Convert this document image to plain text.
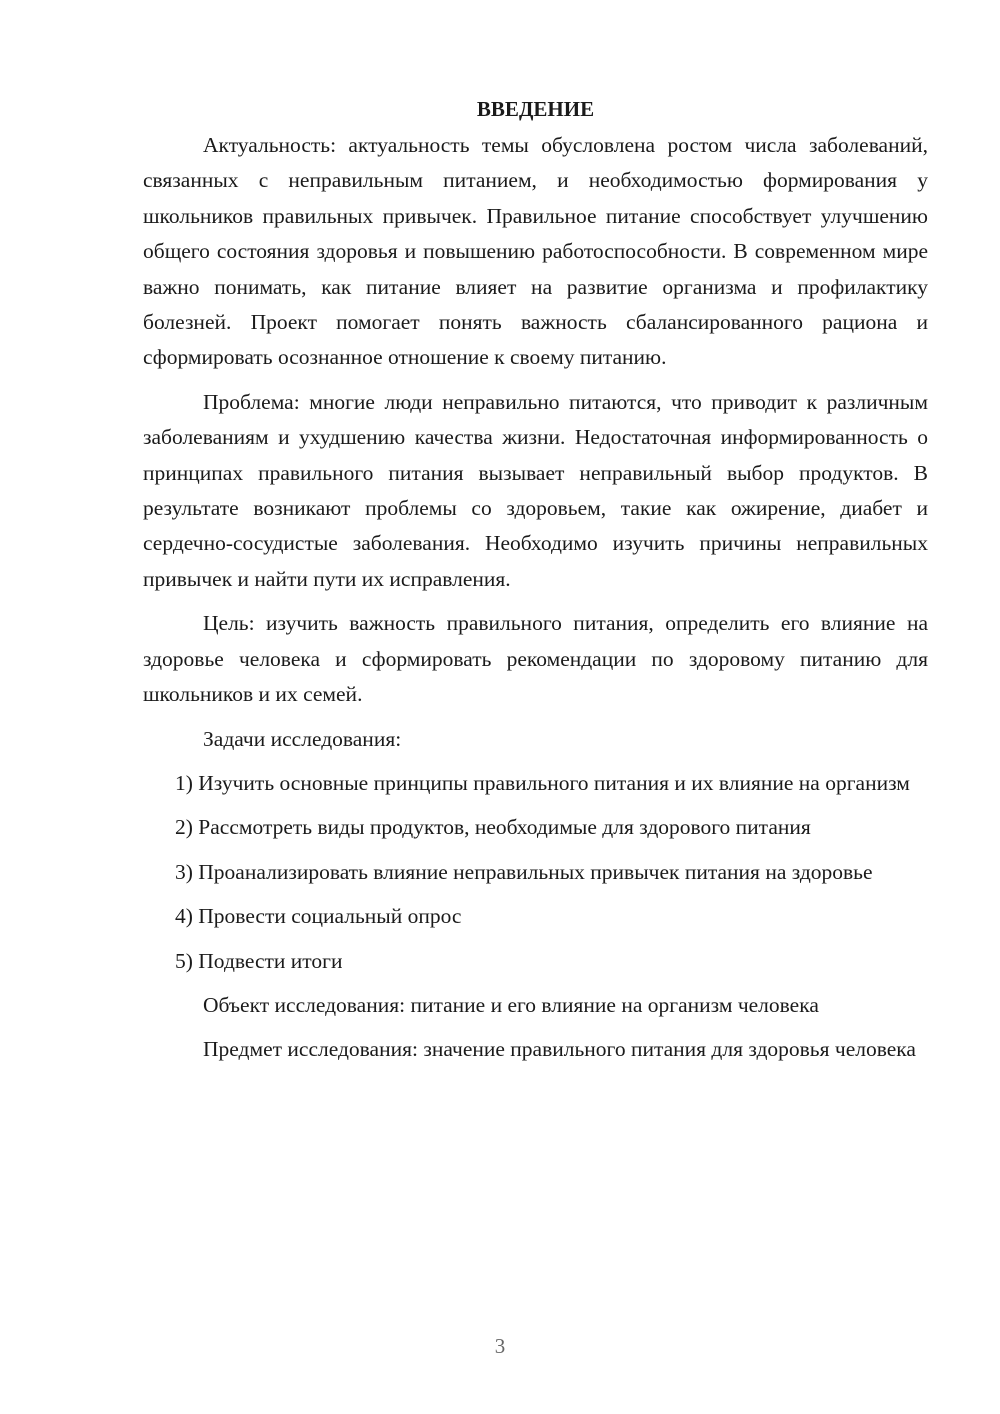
ВВЕДЕНИЕ

Актуальность: актуальность темы обусловлена ростом числа заболеваний, связанных с неправильным питанием, и необходимостью формирования у школьников правильных привычек. Правильное питание способствует улучшению общего состояния здоровья и повышению работоспособности. В современном мире важно понимать, как питание влияет на развитие организма и профилактику болезней. Проект помогает понять важность сбалансированного рациона и сформировать осознанное отношение к своему питанию.

Проблема: многие люди неправильно питаются, что приводит к различным заболеваниям и ухудшению качества жизни. Недостаточная информированность о принципах правильного питания вызывает неправильный выбор продуктов. В результате возникают проблемы со здоровьем, такие как ожирение, диабет и сердечно-сосудистые заболевания. Необходимо изучить причины неправильных привычек и найти пути их исправления.

Цель: изучить важность правильного питания, определить его влияние на здоровье человека и сформировать рекомендации по здоровому питанию для школьников и их семей.

Задачи исследования:

1) Изучить основные принципы правильного питания и их влияние на организм

2) Рассмотреть виды продуктов, необходимые для здорового питания

3) Проанализировать влияние неправильных привычек питания на здоровье

4) Провести социальный опрос

5) Подвести итоги

Объект исследования: питание и его влияние на организм человека

Предмет исследования: значение правильного питания для здоровья человека

3
